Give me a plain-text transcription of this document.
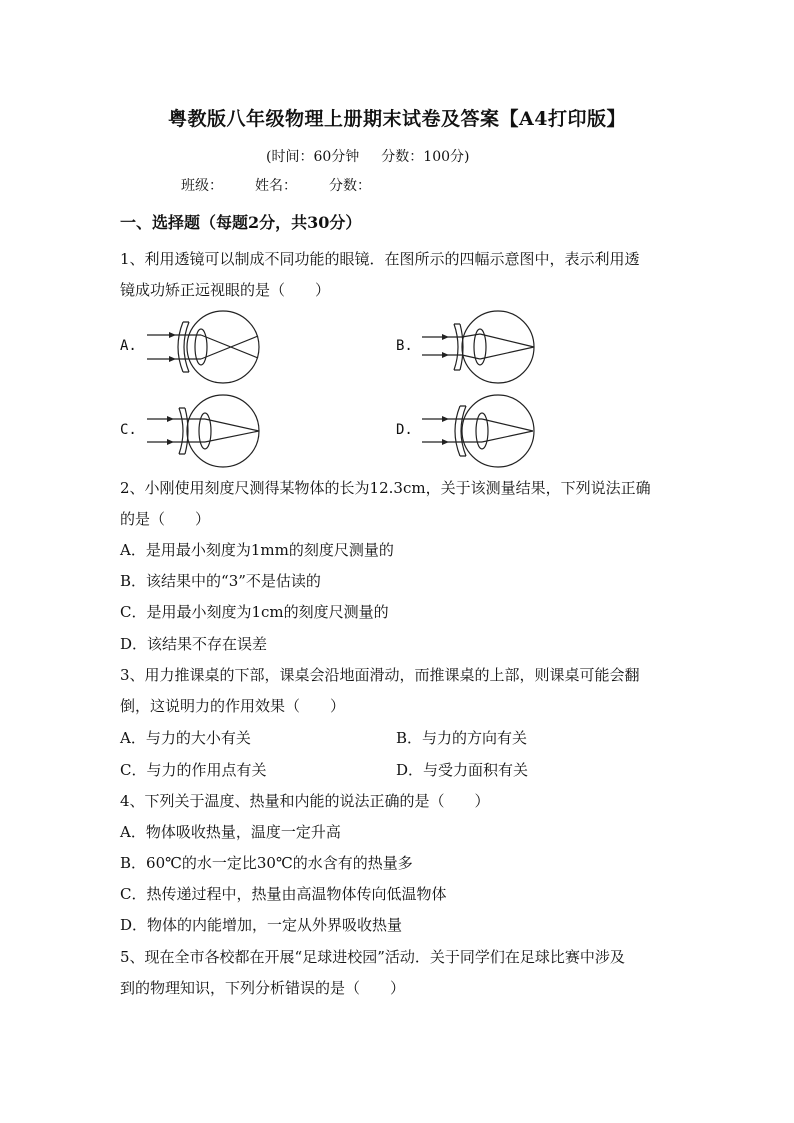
粤教版八年级物理上册期末试卷及答案【A4打印版】
(时间：60分钟 分数：100分)
班级： 姓名： 分数：
一、选择题（每题2分，共30分）
1、利用透镜可以制成不同功能的眼镜．在图所示的四幅示意图中，表示利用透
镜成功矫正远视眼的是（　　）
A.	B.
C.	D.
2、小刚使用刻度尺测得某物体的长为12.3cm，关于该测量结果，下列说法正确
的是（　　）
A．是用最小刻度为1mm的刻度尺测量的
B．该结果中的“3”不是估读的
C．是用最小刻度为1cm的刻度尺测量的
D．该结果不存在误差
3、用力推课桌的下部，课桌会沿地面滑动，而推课桌的上部，则课桌可能会翻
倒，这说明力的作用效果（　　）
A．与力的大小有关	B．与力的方向有关
C．与力的作用点有关	D．与受力面积有关
4、下列关于温度、热量和内能的说法正确的是（　　）
A．物体吸收热量，温度一定升高
B．60℃的水一定比30℃的水含有的热量多
C．热传递过程中，热量由高温物体传向低温物体
D．物体的内能增加，一定从外界吸收热量
5、现在全市各校都在开展“足球进校园”活动．关于同学们在足球比赛中涉及
到的物理知识，下列分析错误的是（　　）
